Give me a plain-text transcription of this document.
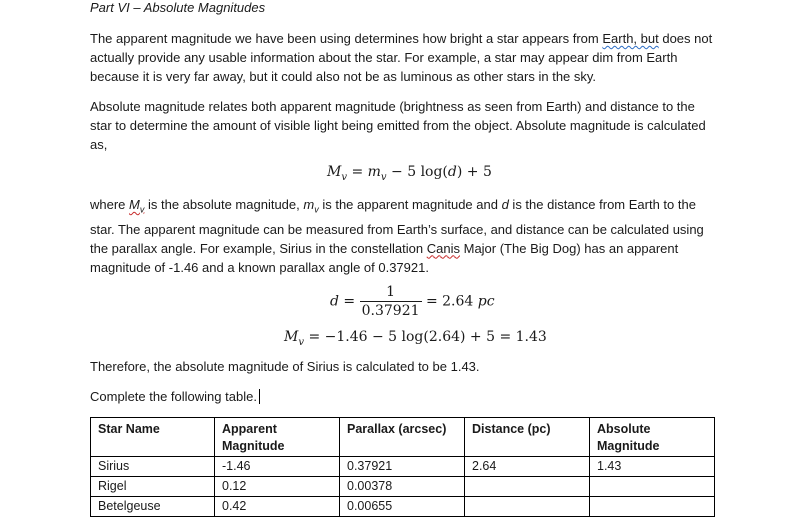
Part VI – Absolute Magnitudes

The apparent magnitude we have been using determines how bright a star appears from Earth, but does not actually provide any usable information about the star. For example, a star may appear dim from Earth because it is very far away, but it could also not be as luminous as other stars in the sky.

Absolute magnitude relates both apparent magnitude (brightness as seen from Earth) and distance to the star to determine the amount of visible light being emitted from the object. Absolute magnitude is calculated as,

$M_v = m_v - 5$ log(d) + 5

where $M_v$ is the absolute magnitude, $m_v$ is the apparent magnitude and d is the distance from Earth to the star. The apparent magnitude can be measured from Earth’s surface, and distance can be calculated using the parallax angle. For example, Sirius in the constellation Canis Major (The Big Dog) has an apparent magnitude of -1.46 and a known parallax angle of 0.37921.

$d = \frac{1}{0.37921} = 2.64$ pc
$M_v = -1.46 - 5$ log(2.64) + 5 = 1.43

Therefore, the absolute magnitude of Sirius is calculated to be 1.43.

Complete the following table.

Star Name	Apparent Magnitude	Parallax (arcsec)	Distance (pc)	Absolute Magnitude
Sirius	-1.46	0.37921	2.64	1.43
Rigel	0.12	0.00378		
Betelgeuse	0.42	0.00655		
